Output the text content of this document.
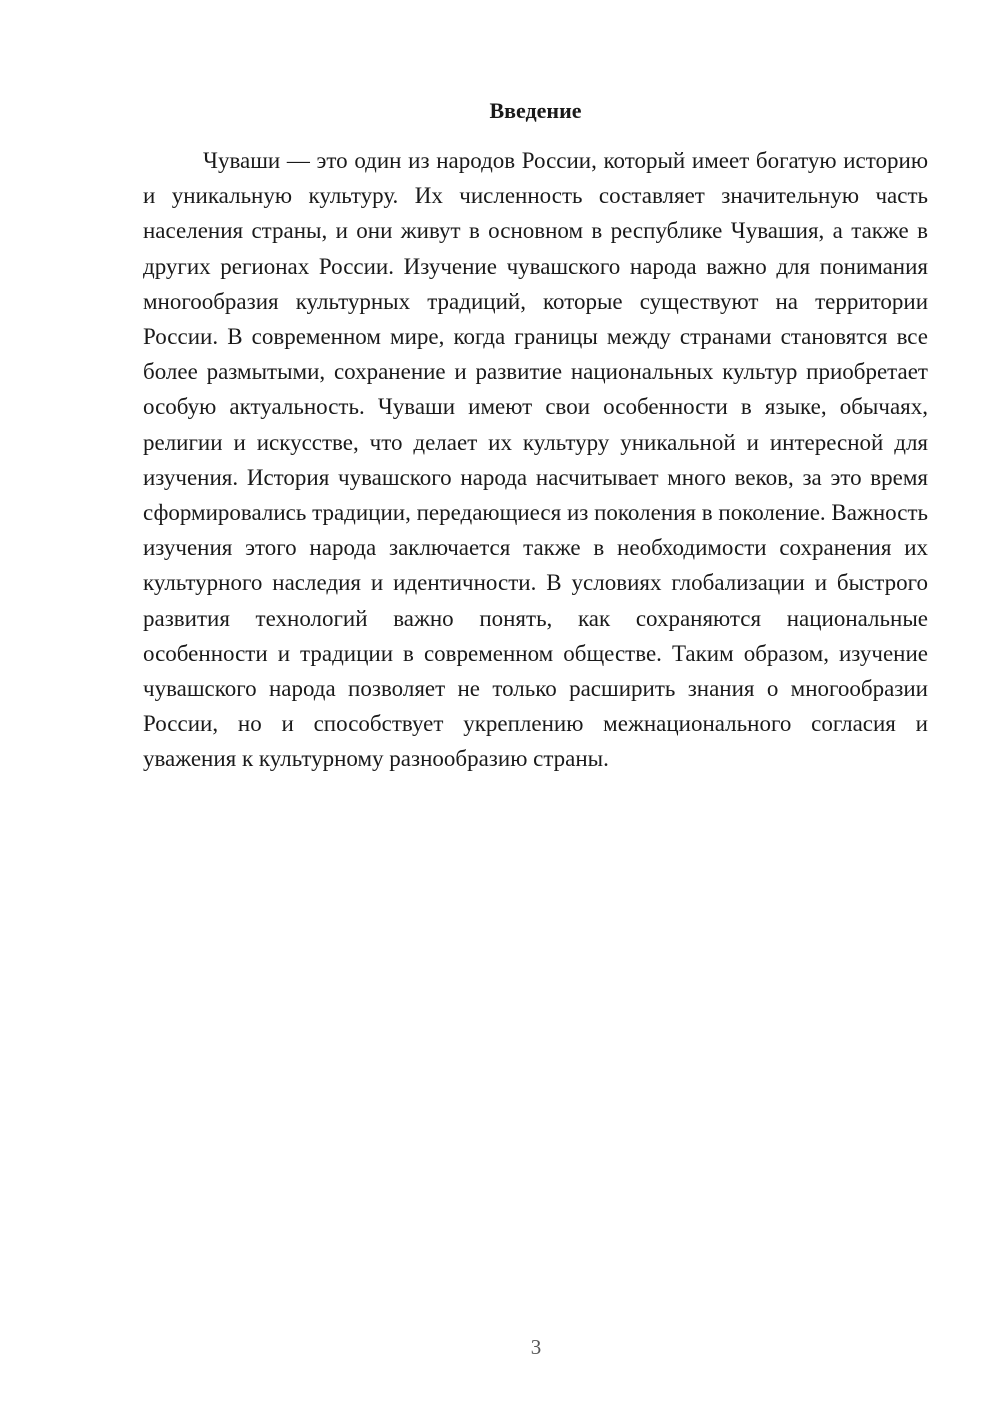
Введение

Чуваши — это один из народов России, который имеет богатую историю и уникальную культуру. Их численность составляет значительную часть населения страны, и они живут в основном в республике Чувашия, а также в других регионах России. Изучение чувашского народа важно для понимания многообразия культурных традиций, которые существуют на территории России. В современном мире, когда границы между странами становятся все более размытыми, сохранение и развитие национальных культур приобретает особую актуальность. Чуваши имеют свои особенности в языке, обычаях, религии и искусстве, что делает их культуру уникальной и интересной для изучения. История чувашского народа насчитывает много веков, за это время сформировались традиции, передающиеся из поколения в поколение. Важность изучения этого народа заключается также в необходимости сохранения их культурного наследия и идентичности. В условиях глобализации и быстрого развития технологий важно понять, как сохраняются национальные особенности и традиции в современном обществе. Таким образом, изучение чувашского народа позволяет не только расширить знания о многообразии России, но и способствует укреплению межнационального согласия и уважения к культурному разнообразию страны.

3
